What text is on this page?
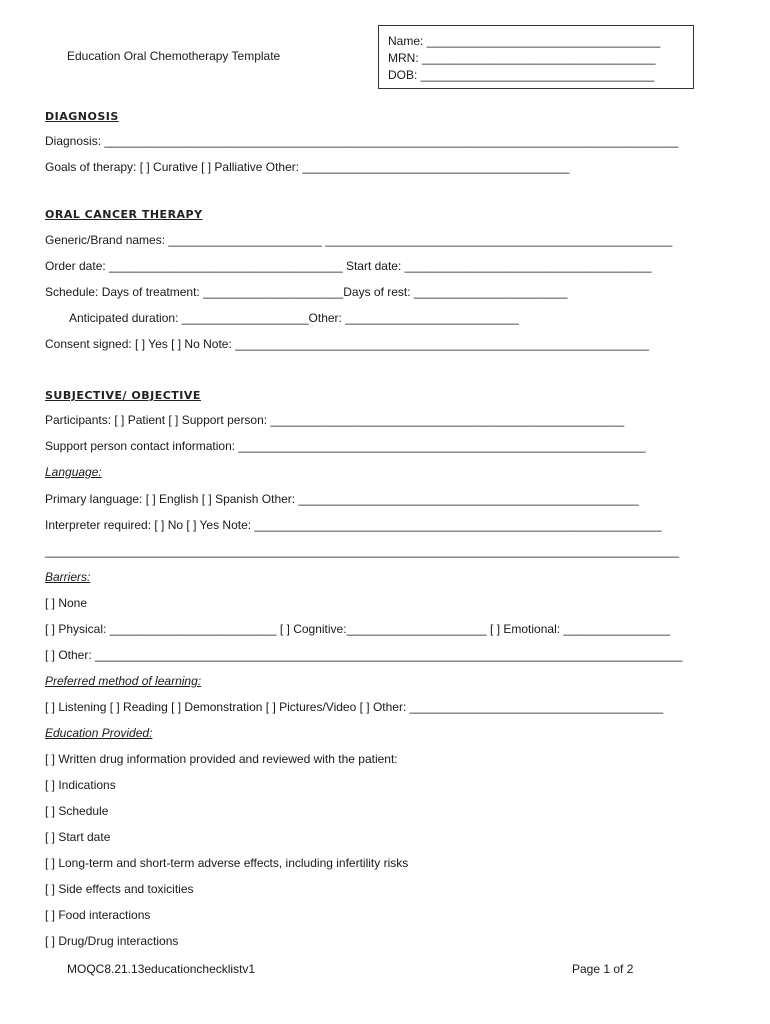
Education Oral Chemotherapy Template
Name: ___________________________________
MRN: ___________________________________
DOB: ___________________________________
DIAGNOSIS
Diagnosis: ______________________________________________________________________________________
Goals of therapy: [ ] Curative [ ] Palliative Other: ________________________________________
ORAL CANCER THERAPY
Generic/Brand names: _______________________ ____________________________________________________
Order date: ___________________________________ Start date: _____________________________________
Schedule: Days of treatment: _____________________Days of rest: _______________________
Anticipated duration: ___________________Other: __________________________
Consent signed: [ ] Yes [ ] No Note: ______________________________________________________________
SUBJECTIVE/ OBJECTIVE
Participants: [ ] Patient [ ] Support person: _____________________________________________________
Support person contact information: _____________________________________________________________
Language:
Primary language: [ ] English [ ] Spanish Other: ___________________________________________________
Interpreter required: [ ] No [ ] Yes Note: _____________________________________________________________
_______________________________________________________________________________________________
Barriers:
[ ] None
[ ] Physical: _________________________ [ ] Cognitive:_____________________ [ ] Emotional: ________________
[ ] Other: ________________________________________________________________________________________
Preferred method of learning:
[ ] Listening [ ] Reading [ ] Demonstration [ ] Pictures/Video [ ] Other: ______________________________________
Education Provided:
[ ] Written drug information provided and reviewed with the patient:
[ ] Indications
[ ] Schedule
[ ] Start date
[ ] Long-term and short-term adverse effects, including infertility risks
[ ] Side effects and toxicities
[ ] Food interactions
[ ] Drug/Drug interactions
MOQC8.21.13educationchecklistv1	Page 1 of 2
